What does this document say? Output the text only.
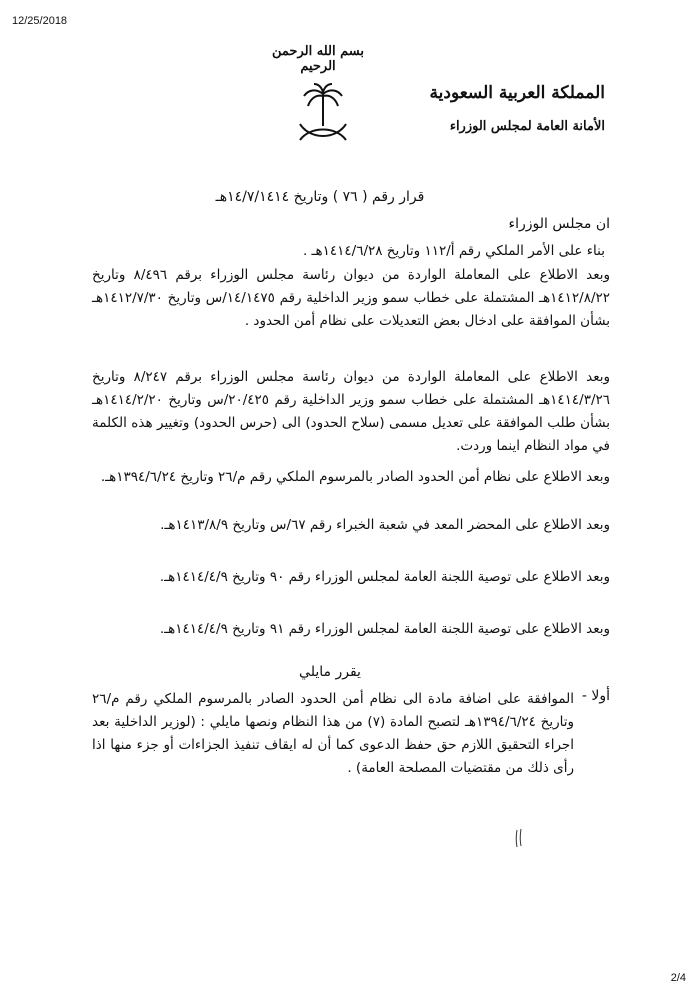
12/25/2018
بسم الله الرحمن الرحيم
المملكة العربية السعودية
الأمانة العامة لمجلس الوزراء
قرار رقم ( ٧٦ ) وتاريخ ١٤/٧/١٤١٤هـ
ان مجلس الوزراء
بناء على الأمر الملكي رقم أ/١١٢ وتاريخ ١٤١٤/٦/٢٨هـ .
وبعد الاطلاع على المعاملة الواردة من ديوان رئاسة مجلس الوزراء برقم ٨/٤٩٦ وتاريخ ١٤١٢/٨/٢٢هـ المشتملة على خطاب سمو وزير الداخلية رقم ١٤/١٤٧٥/س وتاريخ ١٤١٢/٧/٣٠هـ بشأن الموافقة على ادخال بعض التعديلات على نظام أمن الحدود .
وبعد الاطلاع على المعاملة الواردة من ديوان رئاسة مجلس الوزراء برقم ٨/٢٤٧ وتاريخ ١٤١٤/٣/٢٦هـ المشتملة على خطاب سمو وزير الداخلية رقم ٢٠/٤٢٥/س وتاريخ ١٤١٤/٢/٢٠هـ بشأن طلب الموافقة على تعديل مسمى (سلاح الحدود) الى (حرس الحدود) وتغيير هذه الكلمة في مواد النظام اينما وردت.
وبعد الاطلاع على نظام أمن الحدود الصادر بالمرسوم الملكي رقم م/٢٦ وتاريخ ١٣٩٤/٦/٢٤هـ.
وبعد الاطلاع على المحضر المعد في شعبة الخبراء رقم ٦٧/س وتاريخ ١٤١٣/٨/٩هـ.
وبعد الاطلاع على توصية اللجنة العامة لمجلس الوزراء رقم ٩٠ وتاريخ ١٤١٤/٤/٩هـ.
وبعد الاطلاع على توصية اللجنة العامة لمجلس الوزراء رقم ٩١ وتاريخ ١٤١٤/٤/٩هـ.
يقرر مايلي
أولا -
الموافقة على اضافة مادة الى نظام أمن الحدود الصادر بالمرسوم الملكي رقم م/٢٦ وتاريخ ١٣٩٤/٦/٢٤هـ لتصبح المادة (٧) من هذا النظام ونصها مايلي : (لوزير الداخلية بعد اجراء التحقيق اللازم حق حفظ الدعوى كما أن له ايقاف تنفيذ الجزاءات أو جزء منها اذا رأى ذلك من مقتضيات المصلحة العامة) .
2/4
